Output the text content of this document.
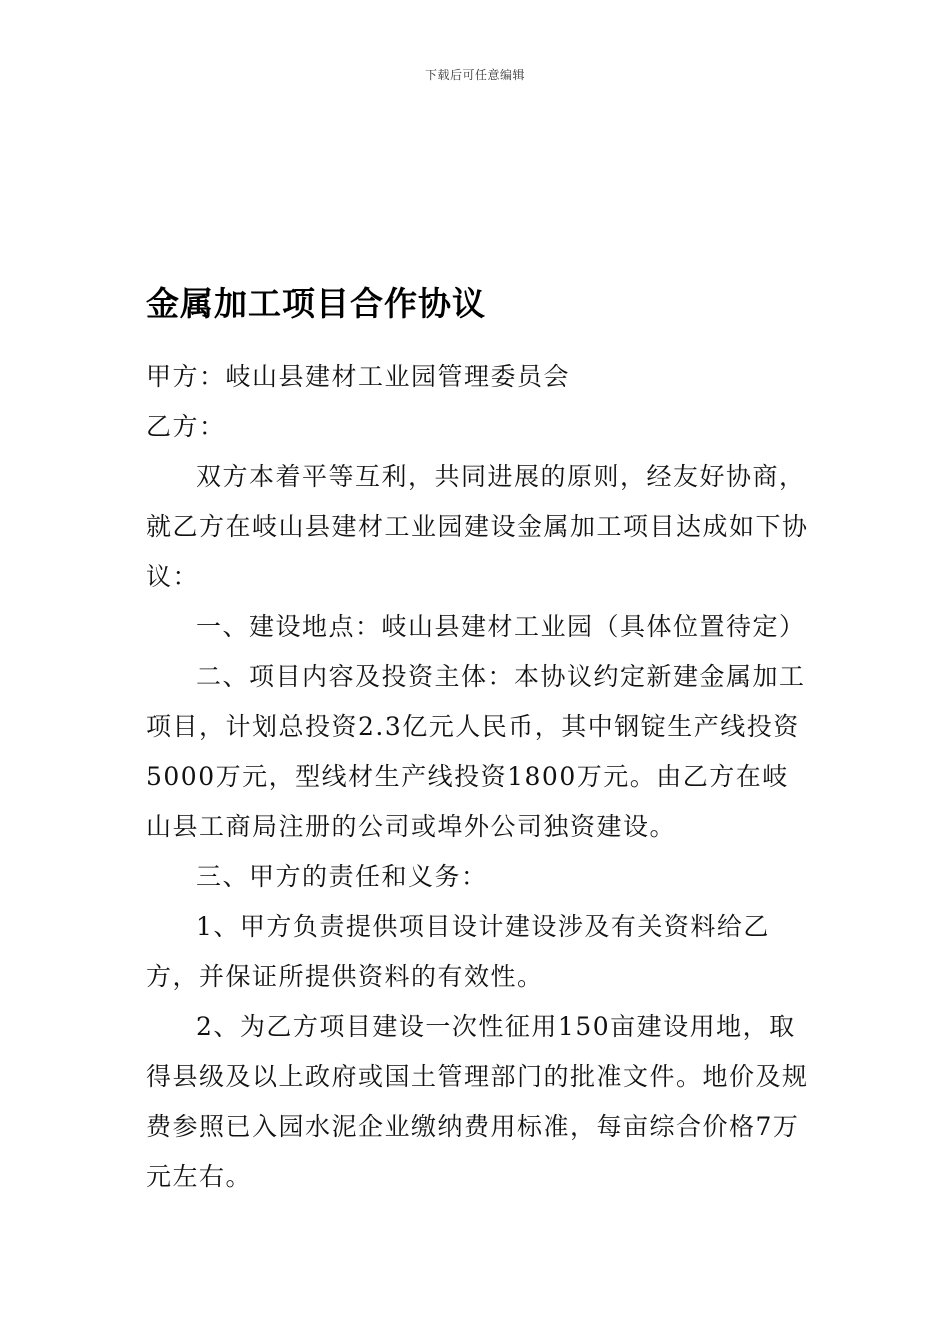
下载后可任意编辑
金属加工项目合作协议

甲方：岐山县建材工业园管理委员会

乙方：

双方本着平等互利，共同进展的原则，经友好协商，就乙方在岐山县建材工业园建设金属加工项目达成如下协议：

一、建设地点：岐山县建材工业园（具体位置待定）

二、项目内容及投资主体：本协议约定新建金属加工项目，计划总投资2.3亿元人民币，其中钢锭生产线投资5000万元，型线材生产线投资1800万元。由乙方在岐山县工商局注册的公司或埠外公司独资建设。

三、甲方的责任和义务：

1、甲方负责提供项目设计建设涉及有关资料给乙方，并保证所提供资料的有效性。

2、为乙方项目建设一次性征用150亩建设用地，取得县级及以上政府或国土管理部门的批准文件。地价及规费参照已入园水泥企业缴纳费用标准，每亩综合价格7万元左右。
